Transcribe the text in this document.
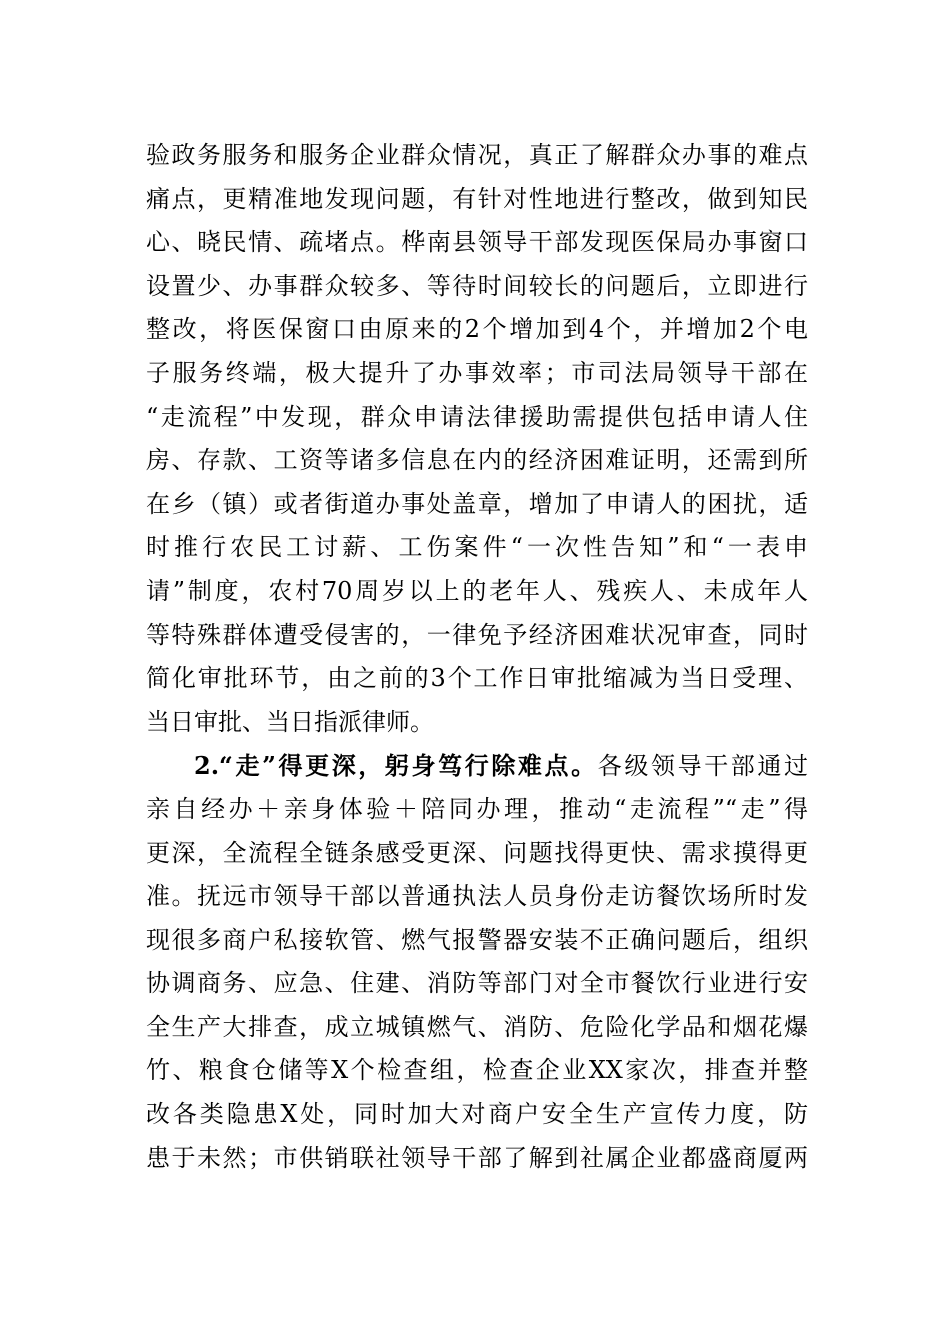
验政务服务和服务企业群众情况，真正了解群众办事的难点
痛点，更精准地发现问题，有针对性地进行整改，做到知民
心、晓民情、疏堵点。桦南县领导干部发现医保局办事窗口
设置少、办事群众较多、等待时间较长的问题后，立即进行
整改，将医保窗口由原来的2个增加到4个，并增加2个电
子服务终端，极大提升了办事效率；市司法局领导干部在
“走流程”中发现，群众申请法律援助需提供包括申请人住
房、存款、工资等诸多信息在内的经济困难证明，还需到所
在乡（镇）或者街道办事处盖章，增加了申请人的困扰，适
时推行农民工讨薪、工伤案件“一次性告知”和“一表申
请”制度，农村70周岁以上的老年人、残疾人、未成年人
等特殊群体遭受侵害的，一律免予经济困难状况审查，同时
简化审批环节，由之前的3个工作日审批缩减为当日受理、
当日审批、当日指派律师。
2.“走”得更深，躬身笃行除难点。各级领导干部通过
亲自经办＋亲身体验＋陪同办理，推动“走流程”“走”得
更深，全流程全链条感受更深、问题找得更快、需求摸得更
准。抚远市领导干部以普通执法人员身份走访餐饮场所时发
现很多商户私接软管、燃气报警器安装不正确问题后，组织
协调商务、应急、住建、消防等部门对全市餐饮行业进行安
全生产大排查，成立城镇燃气、消防、危险化学品和烟花爆
竹、粮食仓储等X个检查组，检查企业XX家次，排查并整
改各类隐患X处，同时加大对商户安全生产宣传力度，防
患于未然；市供销联社领导干部了解到社属企业都盛商厦两
